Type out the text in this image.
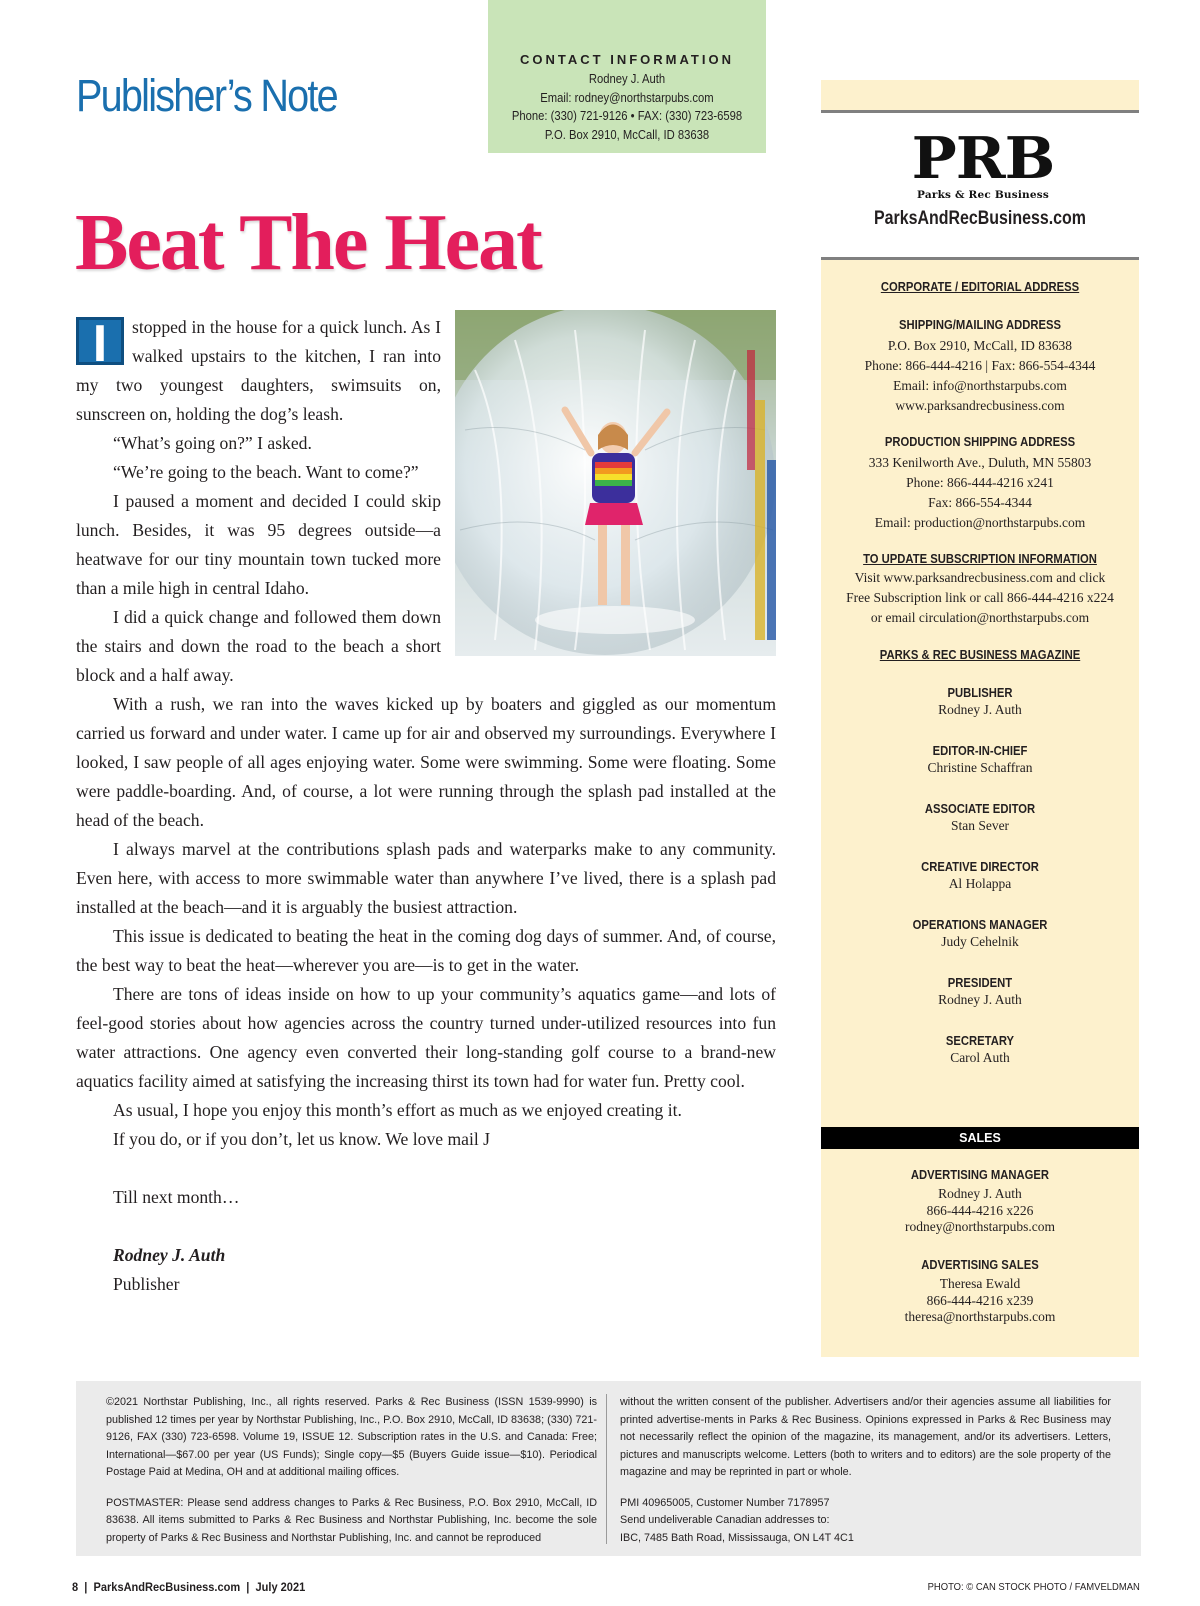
Publisher’s Note
CONTACT INFORMATION
Rodney J. Auth
Email: rodney@northstarpubs.com
Phone: (330) 721-9126 • FAX: (330) 723-6598
P.O. Box 2910, McCall, ID 83638
Beat The Heat
I	stopped in the house for a quick lunch. As I walked upstairs to the kitchen, I ran into my two youngest daughters, swimsuits on, sunscreen on, holding the dog’s leash.

“What’s going on?” I asked.

“We’re going to the beach. Want to come?”

I paused a moment and decided I could skip lunch. Besides, it was 95 degrees outside—a heatwave for our tiny mountain town tucked more than a mile high in central Idaho.

I did a quick change and followed them down the stairs and down the road to the beach a short block and a half away.

With a rush, we ran into the waves kicked up by boaters and giggled as our momentum carried us forward and under water. I came up for air and observed my surroundings. Everywhere I looked, I saw people of all ages enjoying water. Some were swimming. Some were floating. Some were paddle-boarding. And, of course, a lot were running through the splash pad installed at the head of the beach.

I always marvel at the contributions splash pads and waterparks make to any community. Even here, with access to more swimmable water than anywhere I’ve lived, there is a splash pad installed at the beach—and it is arguably the busiest attraction.

This issue is dedicated to beating the heat in the coming dog days of summer. And, of course, the best way to beat the heat—wherever you are—is to get in the water.

There are tons of ideas inside on how to up your community’s aquatics game—and lots of feel-good stories about how agencies across the country turned under-utilized resources into fun water attractions. One agency even converted their long-standing golf course to a brand-new aquatics facility aimed at satisfying the increasing thirst its town had for water fun. Pretty cool.

As usual, I hope you enjoy this month’s effort as much as we enjoyed creating it.

If you do, or if you don’t, let us know. We love mail J

Till next month…

Rodney J. Auth

Publisher

PRB
Parks & Rec Business
ParksAndRecBusiness.com
CORPORATE / EDITORIAL ADDRESS
SHIPPING/MAILING ADDRESS
P.O. Box 2910, McCall, ID 83638
Phone: 866-444-4216 | Fax: 866-554-4344
Email: info@northstarpubs.com
www.parksandrecbusiness.com
PRODUCTION SHIPPING ADDRESS
333 Kenilworth Ave., Duluth, MN 55803
Phone: 866-444-4216 x241
Fax: 866-554-4344
Email: production@northstarpubs.com
TO UPDATE SUBSCRIPTION INFORMATION
Visit www.parksandrecbusiness.com and click
Free Subscription link or call 866-444-4216 x224
or email circulation@northstarpubs.com
PARKS & REC BUSINESS MAGAZINE
PUBLISHER
Rodney J. Auth
EDITOR-IN-CHIEF
Christine Schaffran
ASSOCIATE EDITOR
Stan Sever
CREATIVE DIRECTOR
Al Holappa
OPERATIONS MANAGER
Judy Cehelnik
PRESIDENT
Rodney J. Auth
SECRETARY
Carol Auth
SALES
ADVERTISING MANAGER
Rodney J. Auth
866-444-4216 x226
rodney@northstarpubs.com
ADVERTISING SALES
Theresa Ewald
866-444-4216 x239
theresa@northstarpubs.com

©2021 Northstar Publishing, Inc., all rights reserved. Parks & Rec Business (ISSN 1539-9990) is published 12 times per year by Northstar Publishing, Inc., P.O. Box 2910, McCall, ID 83638; (330) 721-9126, FAX (330) 723-6598. Volume 19, ISSUE 12. Subscription rates in the U.S. and Canada: Free; International—$67.00 per year (US Funds); Single copy—$5 (Buyers Guide issue—$10). Periodical Postage Paid at Medina, OH and at additional mailing offices.

POSTMASTER: Please send address changes to Parks & Rec Business, P.O. Box 2910, McCall, ID 83638. All items submitted to Parks & Rec Business and Northstar Publishing, Inc. become the sole property of Parks & Rec Business and Northstar Publishing, Inc. and cannot be reproduced

without the written consent of the publisher. Advertisers and/or their agencies assume all liabilities for printed advertise-ments in Parks & Rec Business. Opinions expressed in Parks & Rec Business may not necessarily reflect the opinion of the magazine, its management, and/or its advertisers. Letters, pictures and manuscripts welcome. Letters (both to writers and to editors) are the sole property of the magazine and may be reprinted in part or whole.

PMI 40965005, Customer Number 7178957
Send undeliverable Canadian addresses to:
IBC, 7485 Bath Road, Mississauga, ON L4T 4C1
8  |  ParksAndRecBusiness.com  |  July 2021	PHOTO: © CAN STOCK PHOTO / FAMVELDMAN
